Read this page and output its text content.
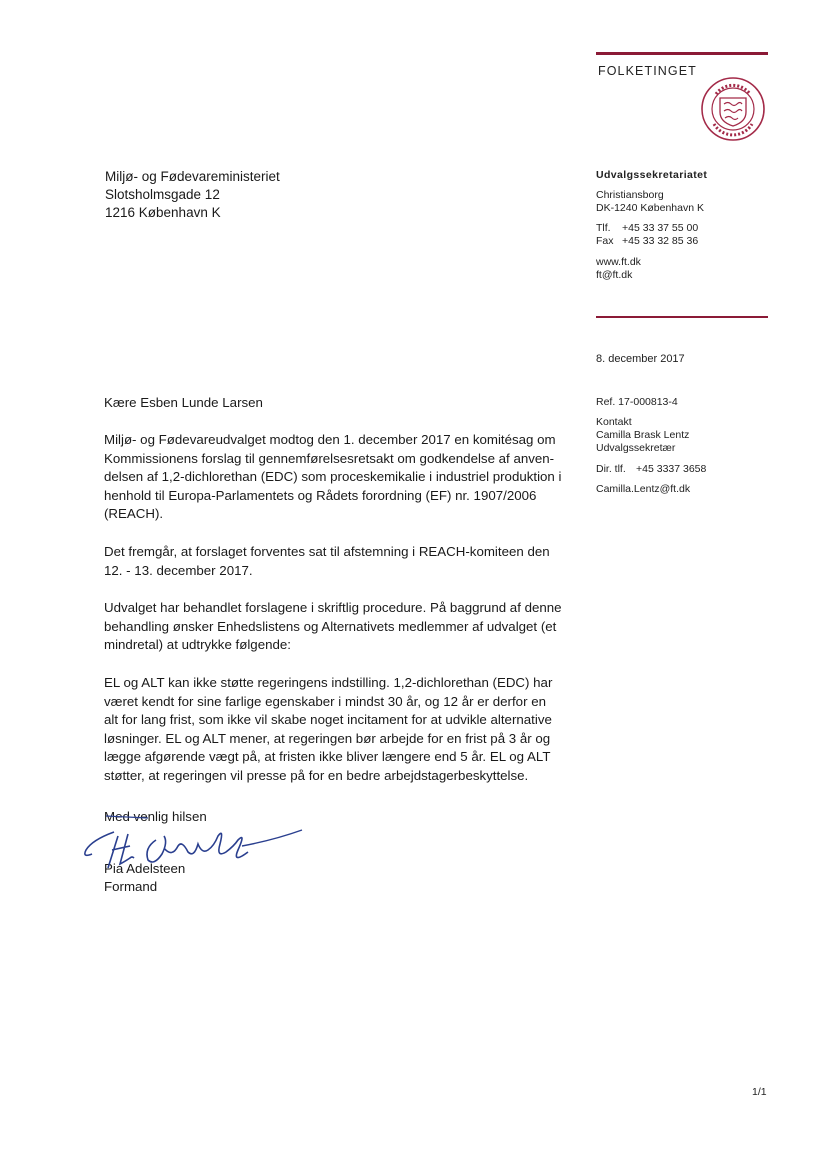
FOLKETINGET
Udvalgssekretariatet
Christiansborg
DK-1240 København K
Tlf. +45 33 37 55 00
Fax +45 33 32 85 36
www.ft.dk
ft@ft.dk
8. december 2017
Ref. 17-000813-4
Kontakt
Camilla Brask Lentz
Udvalgssekretær
Dir. tlf. +45 3337 3658
Camilla.Lentz@ft.dk
Miljø- og Fødevareministeriet
Slotsholmsgade 12
1216 København K
Kære Esben Lunde Larsen

Miljø- og Fødevareudvalget modtog den 1. december 2017 en komitésag om

Kommissionens forslag til gennemførelsesretsakt om godkendelse af anven-

delsen af 1,2-dichlorethan (EDC) som proceskemikalie i industriel produktion i

henhold til Europa-Parlamentets og Rådets forordning (EF) nr. 1907/2006

(REACH).

Det fremgår, at forslaget forventes sat til afstemning i REACH-komiteen den

12. - 13. december 2017.

Udvalget har behandlet forslagene i skriftlig procedure. På baggrund af denne

behandling ønsker Enhedslistens og Alternativets medlemmer af udvalget (et

mindretal) at udtrykke følgende:

EL og ALT kan ikke støtte regeringens indstilling. 1,2-dichlorethan (EDC) har

været kendt for sine farlige egenskaber i mindst 30 år, og 12 år er derfor en

alt for lang frist, som ikke vil skabe noget incitament for at udvikle alternative

løsninger. EL og ALT mener, at regeringen bør arbejde for en frist på 3 år og

lægge afgørende vægt på, at fristen ikke bliver længere end 5 år. EL og ALT

støtter, at regeringen vil presse på for en bedre arbejdstagerbeskyttelse.

Med venlig hilsen
Pia Adelsteen
Formand
1/1
